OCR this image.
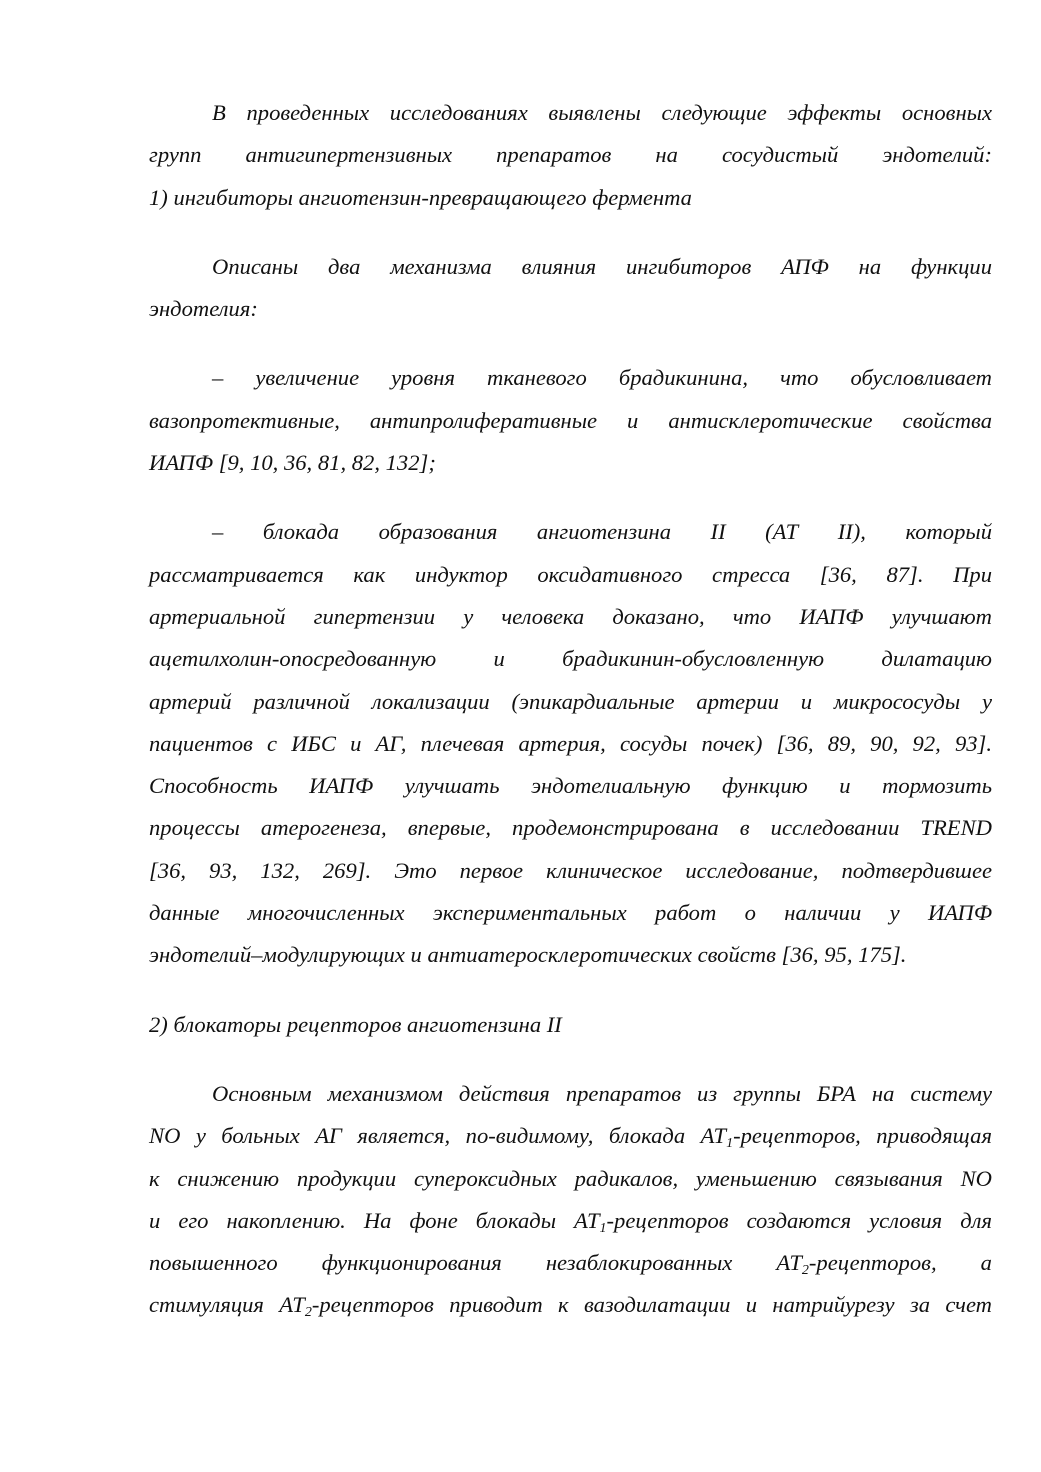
В проведенных исследованиях выявлены следующие эффекты основных
групп антигипертензивных препаратов на сосудистый эндотелий:
1) ингибиторы ангиотензин-превращающего фермента

Описаны два механизма влияния ингибиторов АПФ на функции
эндотелия:

– увеличение уровня тканевого брадикинина, что обусловливает
вазопротективные, антипролиферативные и антисклеротические свойства
ИАПФ [9, 10, 36, 81, 82, 132];

– блокада образования ангиотензина II (АТ II), который
рассматривается как индуктор оксидативного стресса [36, 87]. При
артериальной гипертензии у человека доказано, что ИАПФ улучшают
ацетилхолин-опосредованную и брадикинин-обусловленную дилатацию
артерий различной локализации (эпикардиальные артерии и микрососуды у
пациентов с ИБС и АГ, плечевая артерия, сосуды почек) [36, 89, 90, 92, 93].
Способность ИАПФ улучшать эндотелиальную функцию и тормозить
процессы атерогенеза, впервые, продемонстрирована в исследовании TREND
[36, 93, 132, 269]. Это первое клиническое исследование, подтвердившее
данные многочисленных экспериментальных работ о наличии у ИАПФ
эндотелий–модулирующих и антиатеросклеротических свойств [36, 95, 175].

2) блокаторы рецепторов ангиотензина II

Основным механизмом действия препаратов из группы БРА на систему
NO у больных АГ является, по-видимому, блокада $АТ_1$-рецепторов, приводящая
к снижению продукции супероксидных радикалов, уменьшению связывания NO
и его накоплению. На фоне блокады $АТ_1$-рецепторов создаются условия для
повышенного функционирования незаблокированных $АТ_2$-рецепторов, а
стимуляция $АТ_2$-рецепторов приводит к вазодилатации и натрийурезу за счет
